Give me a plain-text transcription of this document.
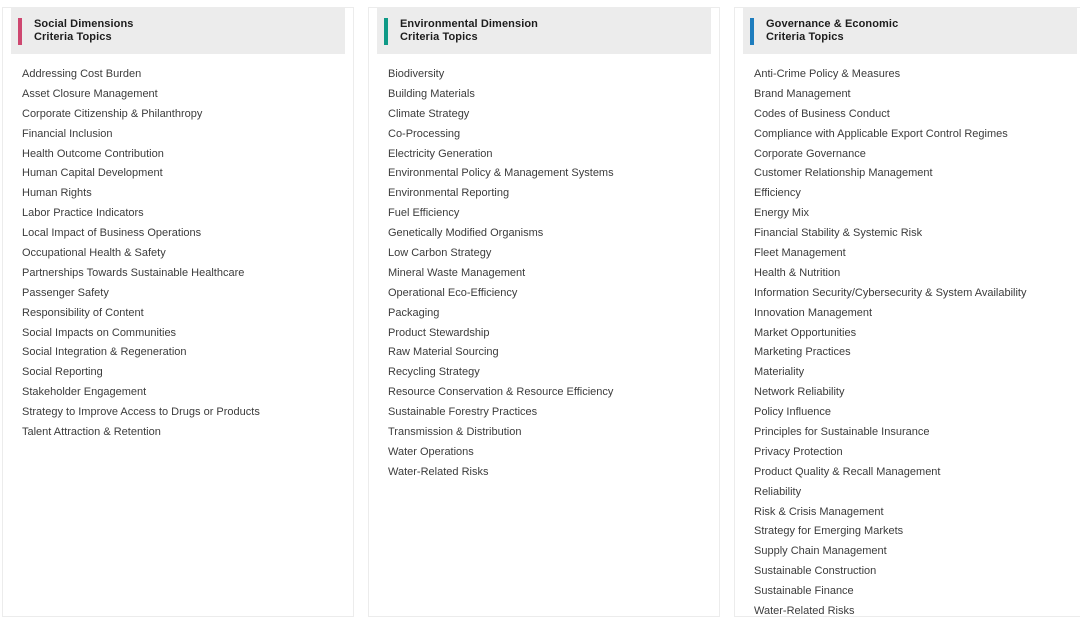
Social Dimensions
Criteria Topics
Addressing Cost Burden
Asset Closure Management
Corporate Citizenship & Philanthropy
Financial Inclusion
Health Outcome Contribution
Human Capital Development
Human Rights
Labor Practice Indicators
Local Impact of Business Operations
Occupational Health & Safety
Partnerships Towards Sustainable Healthcare
Passenger Safety
Responsibility of Content
Social Impacts on Communities
Social Integration & Regeneration
Social Reporting
Stakeholder Engagement
Strategy to Improve Access to Drugs or Products
Talent Attraction & Retention
Environmental Dimension
Criteria Topics
Biodiversity
Building Materials
Climate Strategy
Co-Processing
Electricity Generation
Environmental Policy & Management Systems
Environmental Reporting
Fuel Efficiency
Genetically Modified Organisms
Low Carbon Strategy
Mineral Waste Management
Operational Eco-Efficiency
Packaging
Product Stewardship
Raw Material Sourcing
Recycling Strategy
Resource Conservation & Resource Efficiency
Sustainable Forestry Practices
Transmission & Distribution
Water Operations
Water-Related Risks
Governance & Economic
Criteria Topics
Anti-Crime Policy & Measures
Brand Management
Codes of Business Conduct
Compliance with Applicable Export Control Regimes
Corporate Governance
Customer Relationship Management
Efficiency
Energy Mix
Financial Stability & Systemic Risk
Fleet Management
Health & Nutrition
Information Security/Cybersecurity & System Availability
Innovation Management
Market Opportunities
Marketing Practices
Materiality
Network Reliability
Policy Influence
Principles for Sustainable Insurance
Privacy Protection
Product Quality & Recall Management
Reliability
Risk & Crisis Management
Strategy for Emerging Markets
Supply Chain Management
Sustainable Construction
Sustainable Finance
Water-Related Risks
